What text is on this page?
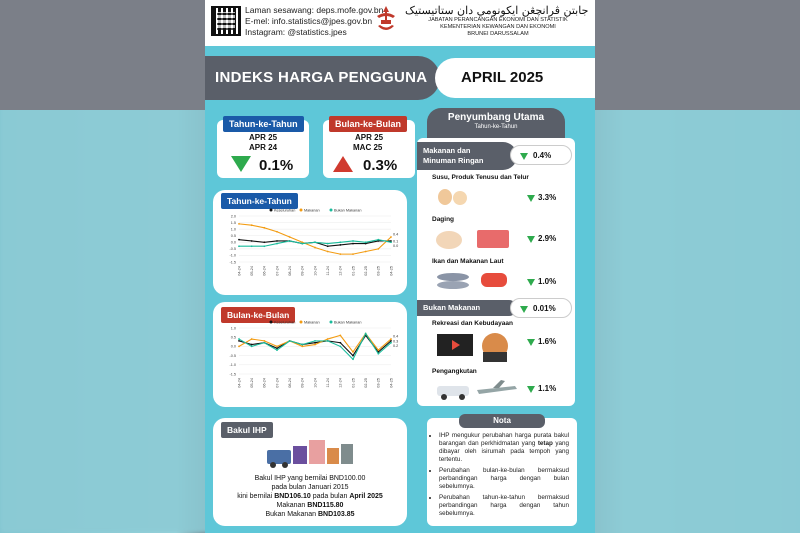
Laman sesawang: deps.mofe.gov.bn
E-mel: info.statistics@jpes.gov.bn
Instagram: @statistics.jpes
جابتن ڤرانچڠن ايکونومي دان ستاتيستيک
JABATAN PERANCANGAN EKONOMI DAN STATISTIK
KEMENTERIAN KEWANGAN DAN EKONOMI
BRUNEI DARUSSALAM
INDEKS HARGA PENGGUNA APRIL 2025
Tahun-ke-Tahun
APR 25
APR 24
0.1%
Bulan-ke-Bulan
APR 25
MAC 25
0.3%
Tahun-ke-Tahun
Keseluruhan Makanan	Bukan Makanan
2.0
1.5
1.0
0.5
0.0
-0.5
-1.0
-1.5
04-24 05-24 06-24 07-24 08-24 09-24 10-24 11-24 12-24 01-25 02-25 03-25 04-25
0.4
0.1
0.0
Bulan-ke-Bulan
Keseluruhan Makanan	Bukan Makanan
1.0
0.5
0.0
-0.5
-1.0
-1.5
04-24 05-24 06-24 07-24 08-24 09-24 10-24 11-24 12-24 01-25 02-25 03-25 04-25
0.4
0.3
0.2
Bakul IHP
Bakul IHP yang bernilai BND100.00
pada bulan Januari 2015
kini bernilai BND106.10 pada bulan April 2025
Makanan BND115.80
Bukan Makanan BND103.85
Penyumbang Utama
Tahun-ke-Tahun
Makanan dan
Minuman Ringan
0.4%
Susu, Produk Tenusu dan Telur
3.3%
Daging
2.9%
Ikan dan Makanan Laut
1.0%
Bukan Makanan	0.01%
Rekreasi dan Kebudayaan
1.6%
Pengangkutan
1.1%
Nota
• IHP mengukur perubahan harga purata bakul barangan dan perkhidmatan yang tetap yang dibayar oleh isirumah pada tempoh yang tertentu.
• Perubahan bulan-ke-bulan bermaksud perbandingan harga dengan bulan sebelumnya.
• Perubahan tahun-ke-tahun bermaksud perbandingan harga dengan tahun sebelumnya.
